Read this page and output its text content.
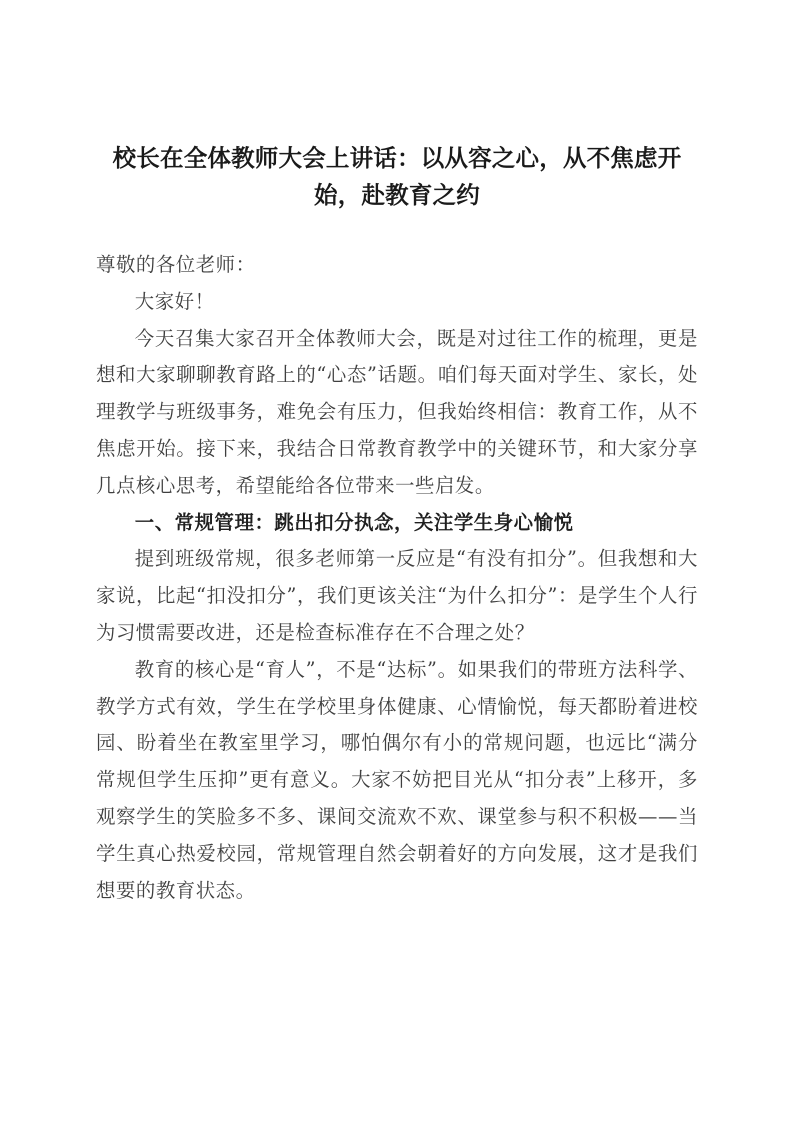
校长在全体教师大会上讲话：以从容之心，从不焦虑开始，赴教育之约

尊敬的各位老师：

大家好！

今天召集大家召开全体教师大会，既是对过往工作的梳理，更是想和大家聊聊教育路上的“心态”话题。咱们每天面对学生、家长，处理教学与班级事务，难免会有压力，但我始终相信：教育工作，从不焦虑开始。接下来，我结合日常教育教学中的关键环节，和大家分享几点核心思考，希望能给各位带来一些启发。

一、常规管理：跳出扣分执念，关注学生身心愉悦

提到班级常规，很多老师第一反应是“有没有扣分”。但我想和大家说，比起“扣没扣分”，我们更该关注“为什么扣分”：是学生个人行为习惯需要改进，还是检查标准存在不合理之处？

教育的核心是“育人”，不是“达标”。如果我们的带班方法科学、教学方式有效，学生在学校里身体健康、心情愉悦，每天都盼着进校园、盼着坐在教室里学习，哪怕偶尔有小的常规问题，也远比“满分常规但学生压抑”更有意义。大家不妨把目光从“扣分表”上移开，多观察学生的笑脸多不多、课间交流欢不欢、课堂参与积不积极——当学生真心热爱校园，常规管理自然会朝着好的方向发展，这才是我们想要的教育状态。
